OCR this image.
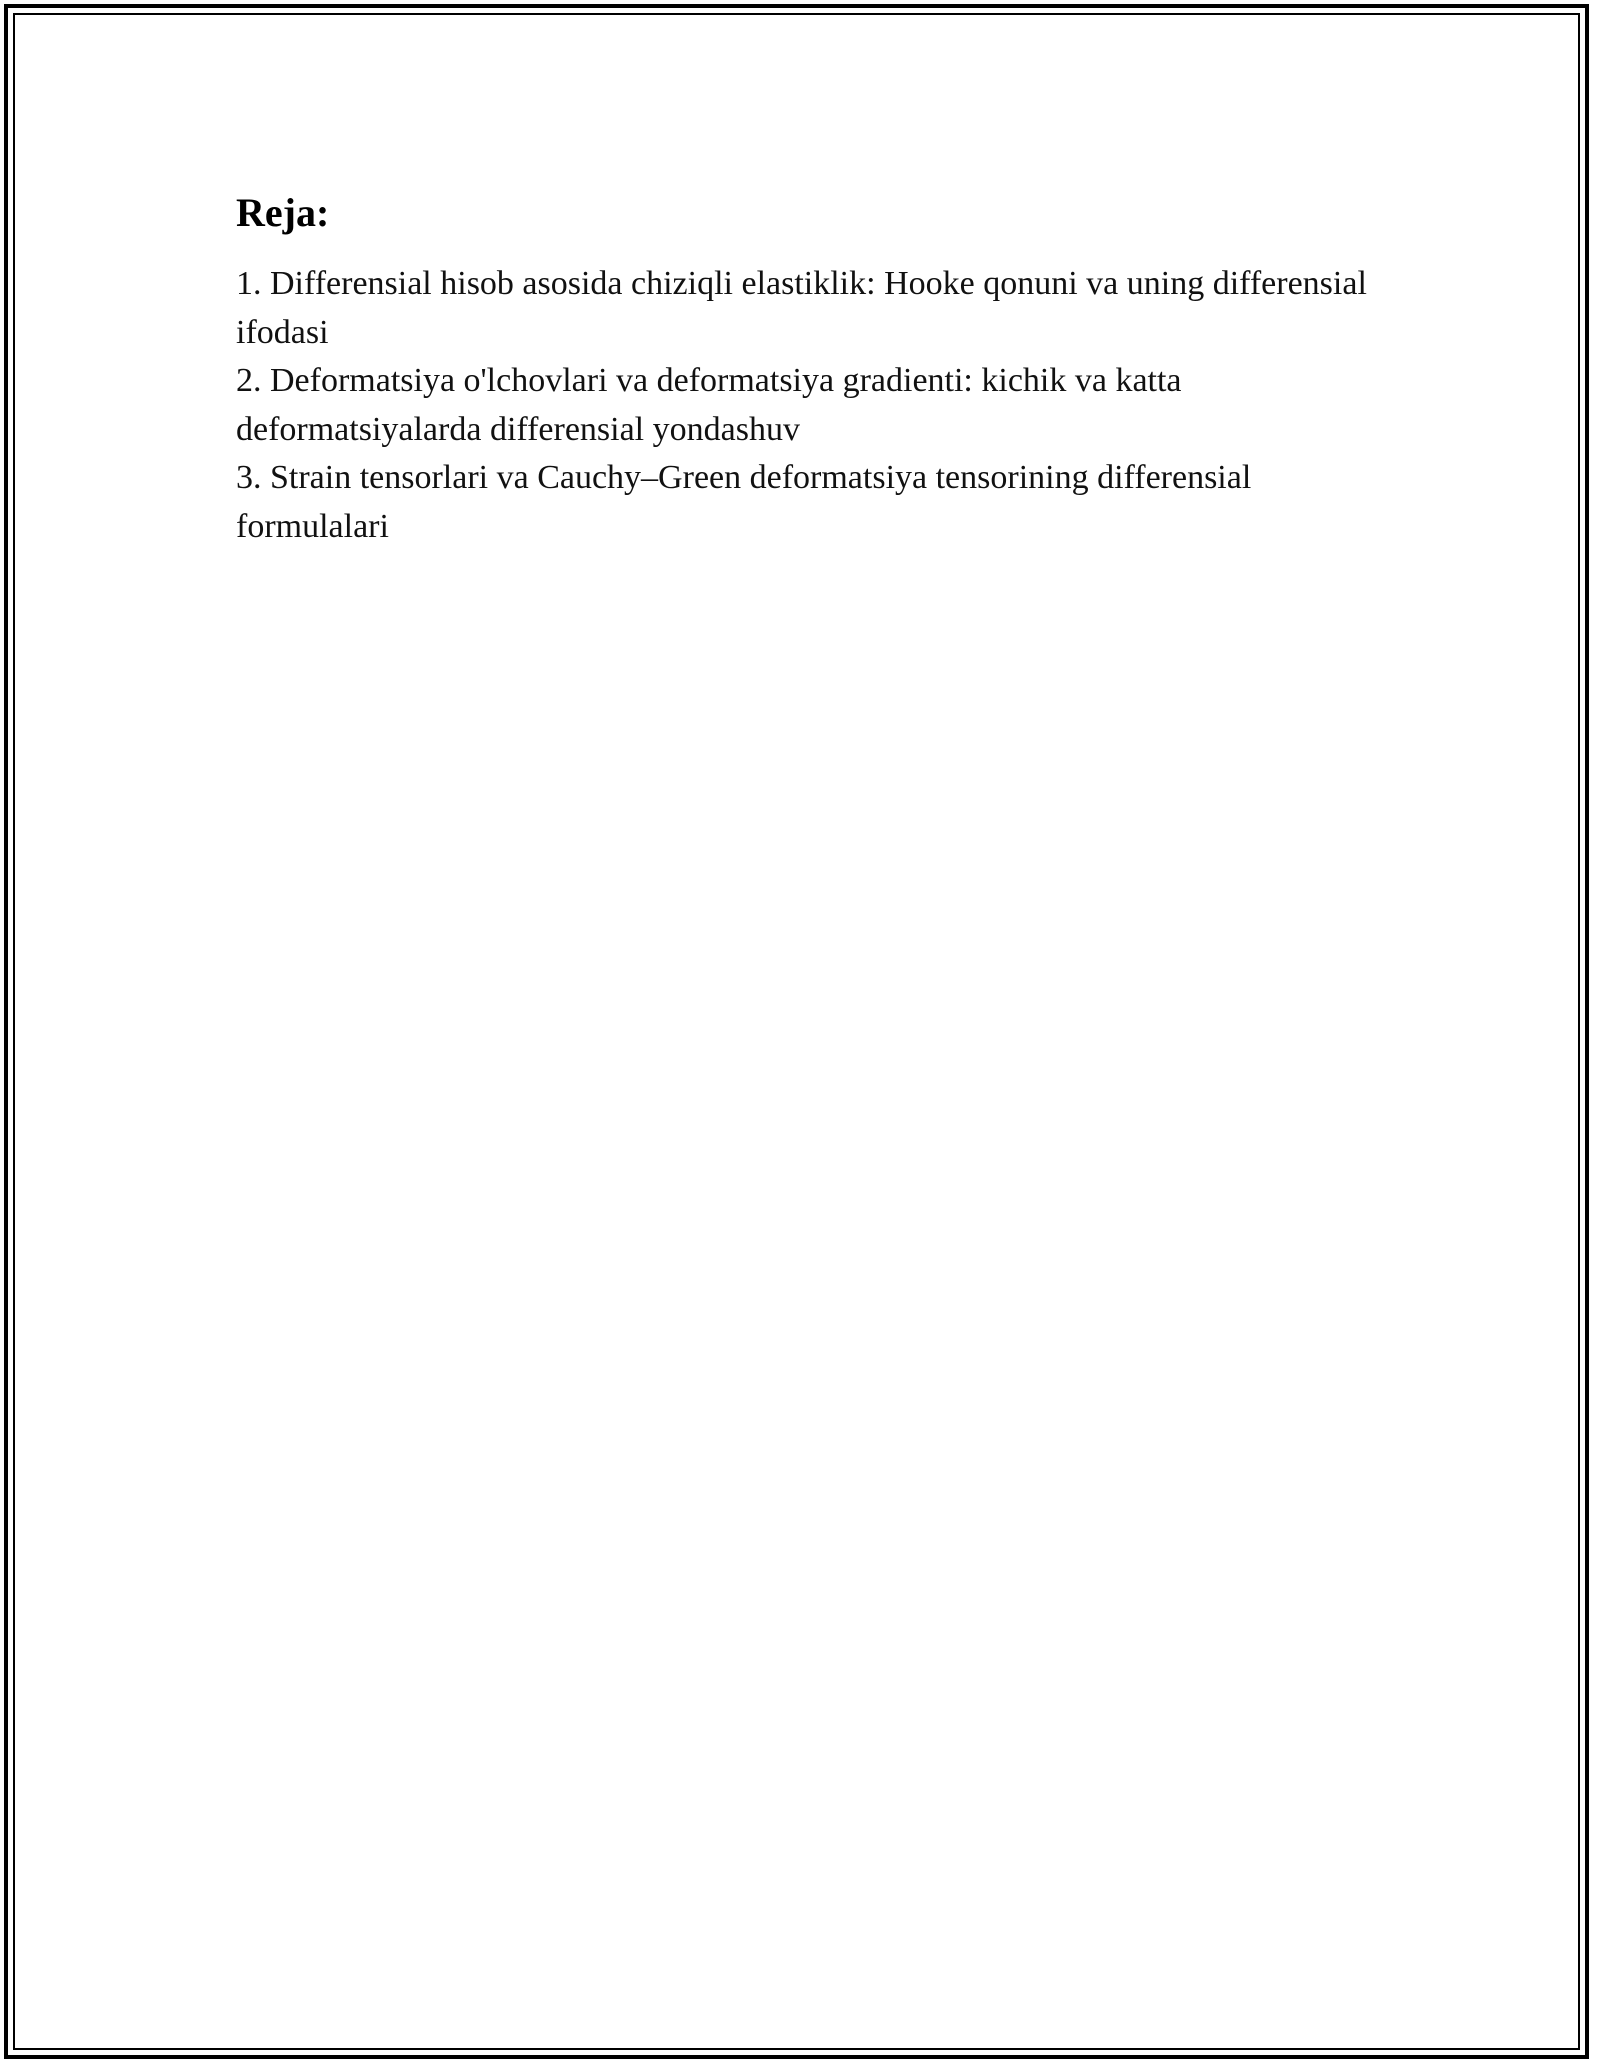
Reja:
1. Differensial hisob asosida chiziqli elastiklik: Hooke qonuni va uning differensial ifodasi
2. Deformatsiya o'lchovlari va deformatsiya gradienti: kichik va katta deformatsiyalarda differensial yondashuv
3. Strain tensorlari va Cauchy–Green deformatsiya tensorining differensial formulalari
